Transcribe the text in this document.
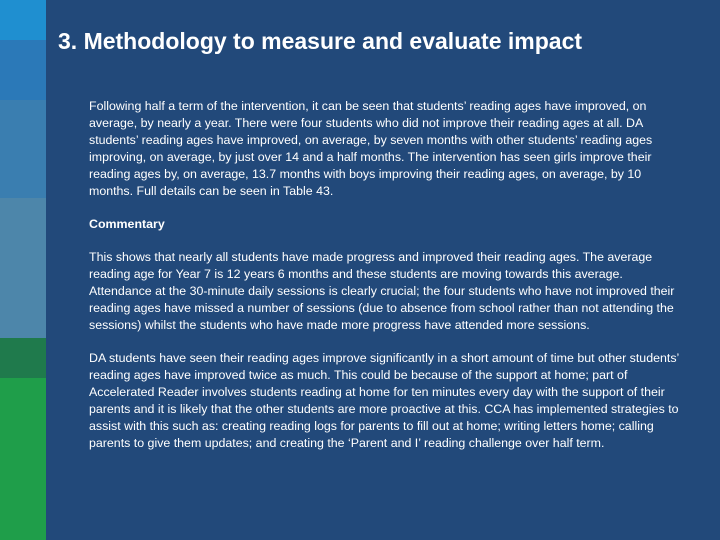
3. Methodology to measure and evaluate impact

Following half a term of the intervention, it can be seen that students’ reading ages have improved, on average, by nearly a year. There were four students who did not improve their reading ages at all. DA students’ reading ages have improved, on average, by seven months with other students’ reading ages improving, on average, by just over 14 and a half months. The intervention has seen girls improve their reading ages by, on average, 13.7 months with boys improving their reading ages, on average, by 10 months. Full details can be seen in Table 43.

Commentary

This shows that nearly all students have made progress and improved their reading ages. The average reading age for Year 7 is 12 years 6 months and these students are moving towards this average. Attendance at the 30-minute daily sessions is clearly crucial; the four students who have not improved their reading ages have missed a number of sessions (due to absence from school rather than not attending the sessions) whilst the students who have made more progress have attended more sessions.

DA students have seen their reading ages improve significantly in a short amount of time but other students’ reading ages have improved twice as much. This could be because of the support at home; part of Accelerated Reader involves students reading at home for ten minutes every day with the support of their parents and it is likely that the other students are more proactive at this. CCA has implemented strategies to assist with this such as: creating reading logs for parents to fill out at home; writing letters home; calling parents to give them updates; and creating the ‘Parent and I’ reading challenge over half term.
